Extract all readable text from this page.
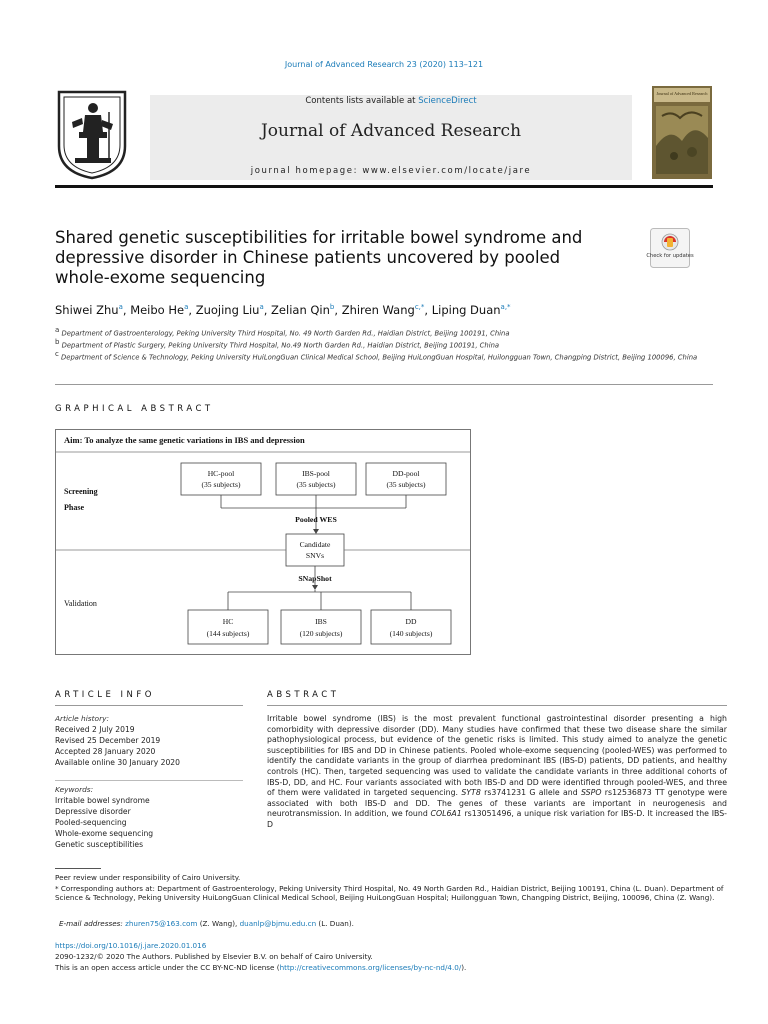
Journal of Advanced Research 23 (2020) 113–121
Contents lists available at ScienceDirect
Journal of Advanced Research
journal homepage: www.elsevier.com/locate/jare
Journal of Advanced Research
Shared genetic susceptibilities for irritable bowel syndrome and depressive disorder in Chinese patients uncovered by pooled whole-exome sequencing
Check for updates
Shiwei Zhu$^a$, Meibo He$^a$, Zuojing Liu$^a$, Zelian Qin$^b$, Zhiren Wang$^{c,*}$, Liping Duan$^{a,*}$
$^a$ Department of Gastroenterology, Peking University Third Hospital, No. 49 North Garden Rd., Haidian District, Beijing 100191, China
$^b$ Department of Plastic Surgery, Peking University Third Hospital, No.49 North Garden Rd., Haidian District, Beijing 100191, China
$^c$ Department of Science & Technology, Peking University HuiLongGuan Clinical Medical School, Beijing HuiLongGuan Hospital, Huilongguan Town, Changping District, Beijing 100096, China
GRAPHICAL ABSTRACT
Aim: To analyze the same genetic variations in IBS and depression
Screening
Phase
Validation
HC-pool
(35 subjects)
IBS-pool
(35 subjects)
DD-pool
(35 subjects)
Pooled WES
Candidate
SNVs
SNapShot
HC
(144 subjects)
IBS
(120 subjects)
DD
(140 subjects)
ARTICLE INFO
Article history:
Received 2 July 2019
Revised 25 December 2019
Accepted 28 January 2020
Available online 30 January 2020
Keywords:
Irritable bowel syndrome
Depressive disorder
Pooled-sequencing
Whole-exome sequencing
Genetic susceptibilities
ABSTRACT
Irritable bowel syndrome (IBS) is the most prevalent functional gastrointestinal disorder presenting a high comorbidity with depressive disorder (DD). Many studies have confirmed that these two disease share the similar pathophysiological process, but evidence of the genetic risks is limited. This study aimed to analyze the genetic susceptibilities for IBS and DD in Chinese patients. Pooled whole-exome sequencing (pooled-WES) was performed to identify the candidate variants in the group of diarrhea predominant IBS (IBS-D) patients, DD patients, and healthy controls (HC). Then, targeted sequencing was used to validate the candidate variants in three additional cohorts of IBS-D, DD, and HC. Four variants associated with both IBS-D and DD were identified through pooled-WES, and three of them were validated in targeted sequencing. SYT8 rs3741231 G allele and SSPO rs12536873 TT genotype were associated with both IBS-D and DD. The genes of these variants are important in neurogenesis and neurotransmission. In addition, we found COL6A1 rs13051496, a unique risk variation for IBS-D. It increased the IBS-D
Peer review under responsibility of Cairo University.
* Corresponding authors at: Department of Gastroenterology, Peking University Third Hospital, No. 49 North Garden Rd., Haidian District, Beijing 100191, China (L. Duan). Department of Science & Technology, Peking University HuiLongGuan Clinical Medical School, Beijing HuiLongGuan Hospital; Huilongguan Town, Changping District, Beijing, 100096, China (Z. Wang).
E-mail addresses: zhuren75@163.com (Z. Wang), duanlp@bjmu.edu.cn (L. Duan).
https://doi.org/10.1016/j.jare.2020.01.016
2090-1232/© 2020 The Authors. Published by Elsevier B.V. on behalf of Cairo University.
This is an open access article under the CC BY-NC-ND license (http://creativecommons.org/licenses/by-nc-nd/4.0/).
